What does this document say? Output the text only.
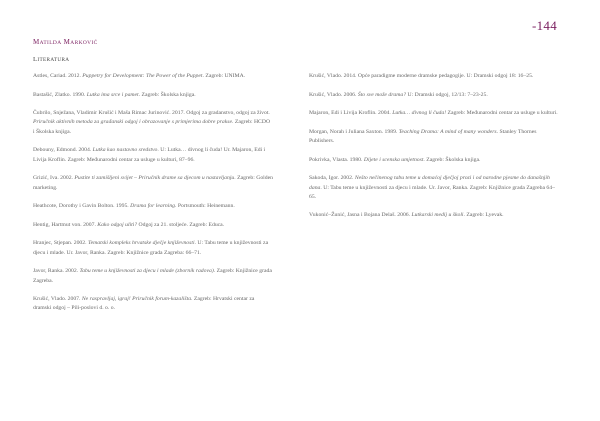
-144
MATILDA MARKOVIĆ
LITERATURA

Astles, Cariad. 2012. Puppetry for Development: The Power of the Puppet. Zagreb: UNIMA.

Bastašić, Zlatko. 1990. Lutka ima srce i pamet. Zagreb: Školska knjiga.

Čubrilo, Snježana, Vladimir Krušić i Maša Rimac Jurinović. 2017. Odgoj za gradanstvo, odgoj za život. Priručnik aktivnih metoda za građanski odgoj i obrazovanje s primjerima dobre prakse. Zagreb: HCDO i Školska knjiga.

Debouny, Edmond. 2004. Lutka kao nastavno sredstvo. U: Lutka… divnog li čuda! Ur. Majaron, Edi i Livija Kroflin. Zagreb: Međunarodni centar za usluge u kulturi, 87–96.

Grizić, Iva. 2002. Pustite ti zamišljeni svijet – Priručnik drame sa djecom u nastavljanju. Zagreb: Golden marketing.

Heathcote, Dorothy i Gavin Bolton. 1995. Drama for learning. Portsmouth: Heinemann.

Hentig, Hartmut von. 2007. Kako odgoj uliti? Odgoj za 21. stoljeće. Zagreb: Educa.

Hranjec, Stjepan. 2002. Tematski kompleks hrvatske dječje književnosti. U: Tabu teme u književnosti za djecu i mlade. Ur. Javor, Ranka. Zagreb: Knjižnice grada Zagreba: 66–71.

Javor, Ranka. 2002. Tabu teme u književnosti za djecu i mlade (zbornik radova). Zagreb: Knjižnice grada Zagreba.

Krušić, Vlado. 2007. Ne raspravljaj, igraj! Priručnik forum-kazališta. Zagreb: Hrvatski centar za dramski odgoj – Pili-poslovi d. o. o.

Krušić, Vlado. 2014. Opće paradigme moderne dramske pedagogije. U: Dramski odgoj 18: 16–25.

Krušić, Vlado. 2006. Što sve može drama? U: Dramski odgoj, 12/13: 7–23-25.

Majaron, Edi i Livija Kroflin. 2004. Lutka… divnog li čuda! Zagreb: Međunarodni centar za usluge u kulturi.

Morgan, Norah i Juliana Saxton. 1989. Teaching Drama: A mind of many wonders. Stanley Thornes Publishers.

Pokrivka, Vlasta. 1980. Dijete i scenska umjetnost. Zagreb: Školska knjiga.

Sakoda, Igor. 2002. Nešto nečinenog tabu teme u domaćoj dječjoj prozi i od narodne pjesme do današnjih dana. U: Tabu teme u književnosti za djecu i mlade. Ur. Javor, Ranka. Zagreb: Knjižnice grada Zagreba 64–65.

Vukonić–Žunić, Jasna i Bojana Delaš. 2006. Lutkarski medij u školi. Zagreb: Lyevak.
